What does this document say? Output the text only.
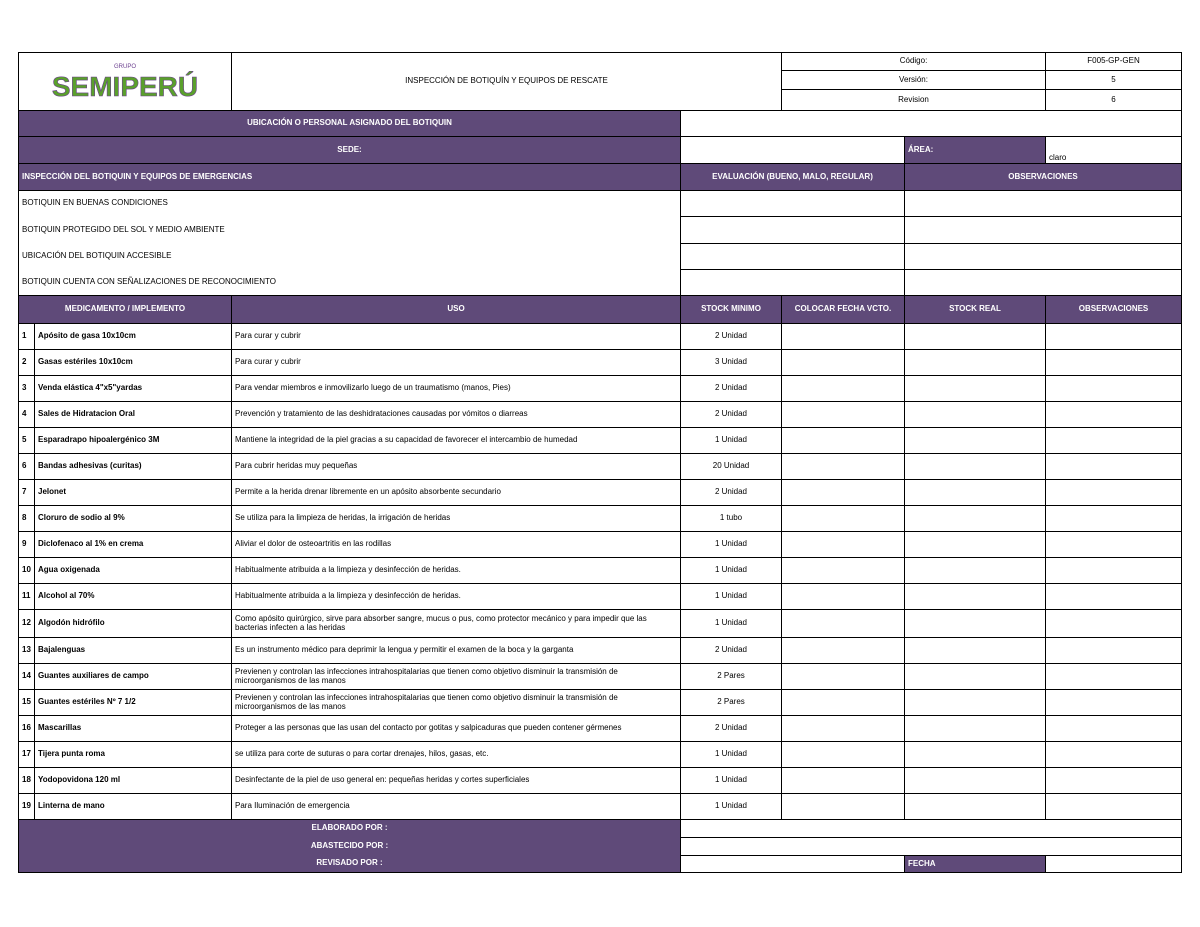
GRUPO
SEMIPERÚ		INSPECCIÓN DE BOTIQUÍN Y EQUIPOS DE RESCATE		Código:		F005-GP-GEN
				Versión:		5
				Revision		6
UBICACIÓN O PERSONAL ASIGNADO DEL BOTIQUIN						
SEDE:					ÁREA:	claro
INSPECCIÓN DEL BOTIQUIN Y EQUIPOS DE EMERGENCIAS			EVALUACIÓN (BUENO, MALO, REGULAR)		OBSERVACIONES	
BOTIQUIN EN BUENAS CONDICIONES						
BOTIQUIN PROTEGIDO DEL SOL Y MEDIO AMBIENTE						
UBICACIÓN DEL BOTIQUIN ACCESIBLE						
BOTIQUIN CUENTA CON SEÑALIZACIONES DE RECONOCIMIENTO						
MEDICAMENTO / IMPLEMENTO		USO	STOCK MINIMO	COLOCAR FECHA VCTO.	STOCK REAL	OBSERVACIONES
1	Apósito de gasa 10x10cm	Para curar y cubrir	2 Unidad			
2	Gasas estériles 10x10cm	Para curar y cubrir	3 Unidad			
3	Venda elástica 4"x5"yardas	Para vendar miembros e inmovilizarlo luego de un traumatismo (manos, Pies)	2 Unidad			
4	Sales de Hidratacion Oral	Prevención y tratamiento de las deshidrataciones causadas por vómitos o diarreas	2 Unidad			
5	Esparadrapo hipoalergénico 3M	Mantiene la integridad de la piel gracias a su capacidad de favorecer el intercambio de humedad	1 Unidad			
6	Bandas adhesivas (curitas)	Para cubrir heridas muy pequeñas	20 Unidad			
7	Jelonet	Permite a la herida drenar libremente en un apósito absorbente secundario	2 Unidad			
8	Cloruro de sodio al 9%	Se utiliza para la limpieza de heridas, la irrigación de heridas	1 tubo			
9	Diclofenaco al 1% en crema	Aliviar el dolor de osteoartritis en las rodillas	1 Unidad			
10	Agua oxigenada	Habitualmente atribuida a la limpieza y desinfección de heridas.	1 Unidad			
11	Alcohol al 70%	Habitualmente atribuida a la limpieza y desinfección de heridas.	1 Unidad			
12	Algodón hidrófilo	Como apósito quirúrgico, sirve para absorber sangre, mucus o pus, como protector mecánico y para impedir que las bacterias infecten a las heridas	1 Unidad			
13	Bajalenguas	Es un instrumento médico para deprimir la lengua y permitir el examen de la boca y la garganta	2 Unidad			
14	Guantes auxiliares de campo	Previenen y controlan las infecciones intrahospitalarias que tienen como objetivo disminuir la transmisión de microorganismos de las manos	2 Pares			
15	Guantes estériles Nº 7 1/2	Previenen y controlan las infecciones intrahospitalarias que tienen como objetivo disminuir la transmisión de microorganismos de las manos	2 Pares			
16	Mascarillas	Proteger a las personas que las usan del contacto por gotitas y salpicaduras que pueden contener gérmenes	2 Unidad			
17	Tijera punta roma	se utiliza para corte de suturas o para cortar drenajes, hilos, gasas, etc.	1 Unidad			
18	Yodopovidona 120 ml	Desinfectante de la piel de uso general en: pequeñas heridas y cortes superficiales	1 Unidad			
19	Linterna de mano	Para Iluminación de emergencia	1 Unidad			
ELABORADO POR :						
ABASTECIDO POR :						
REVISADO POR :					FECHA	
